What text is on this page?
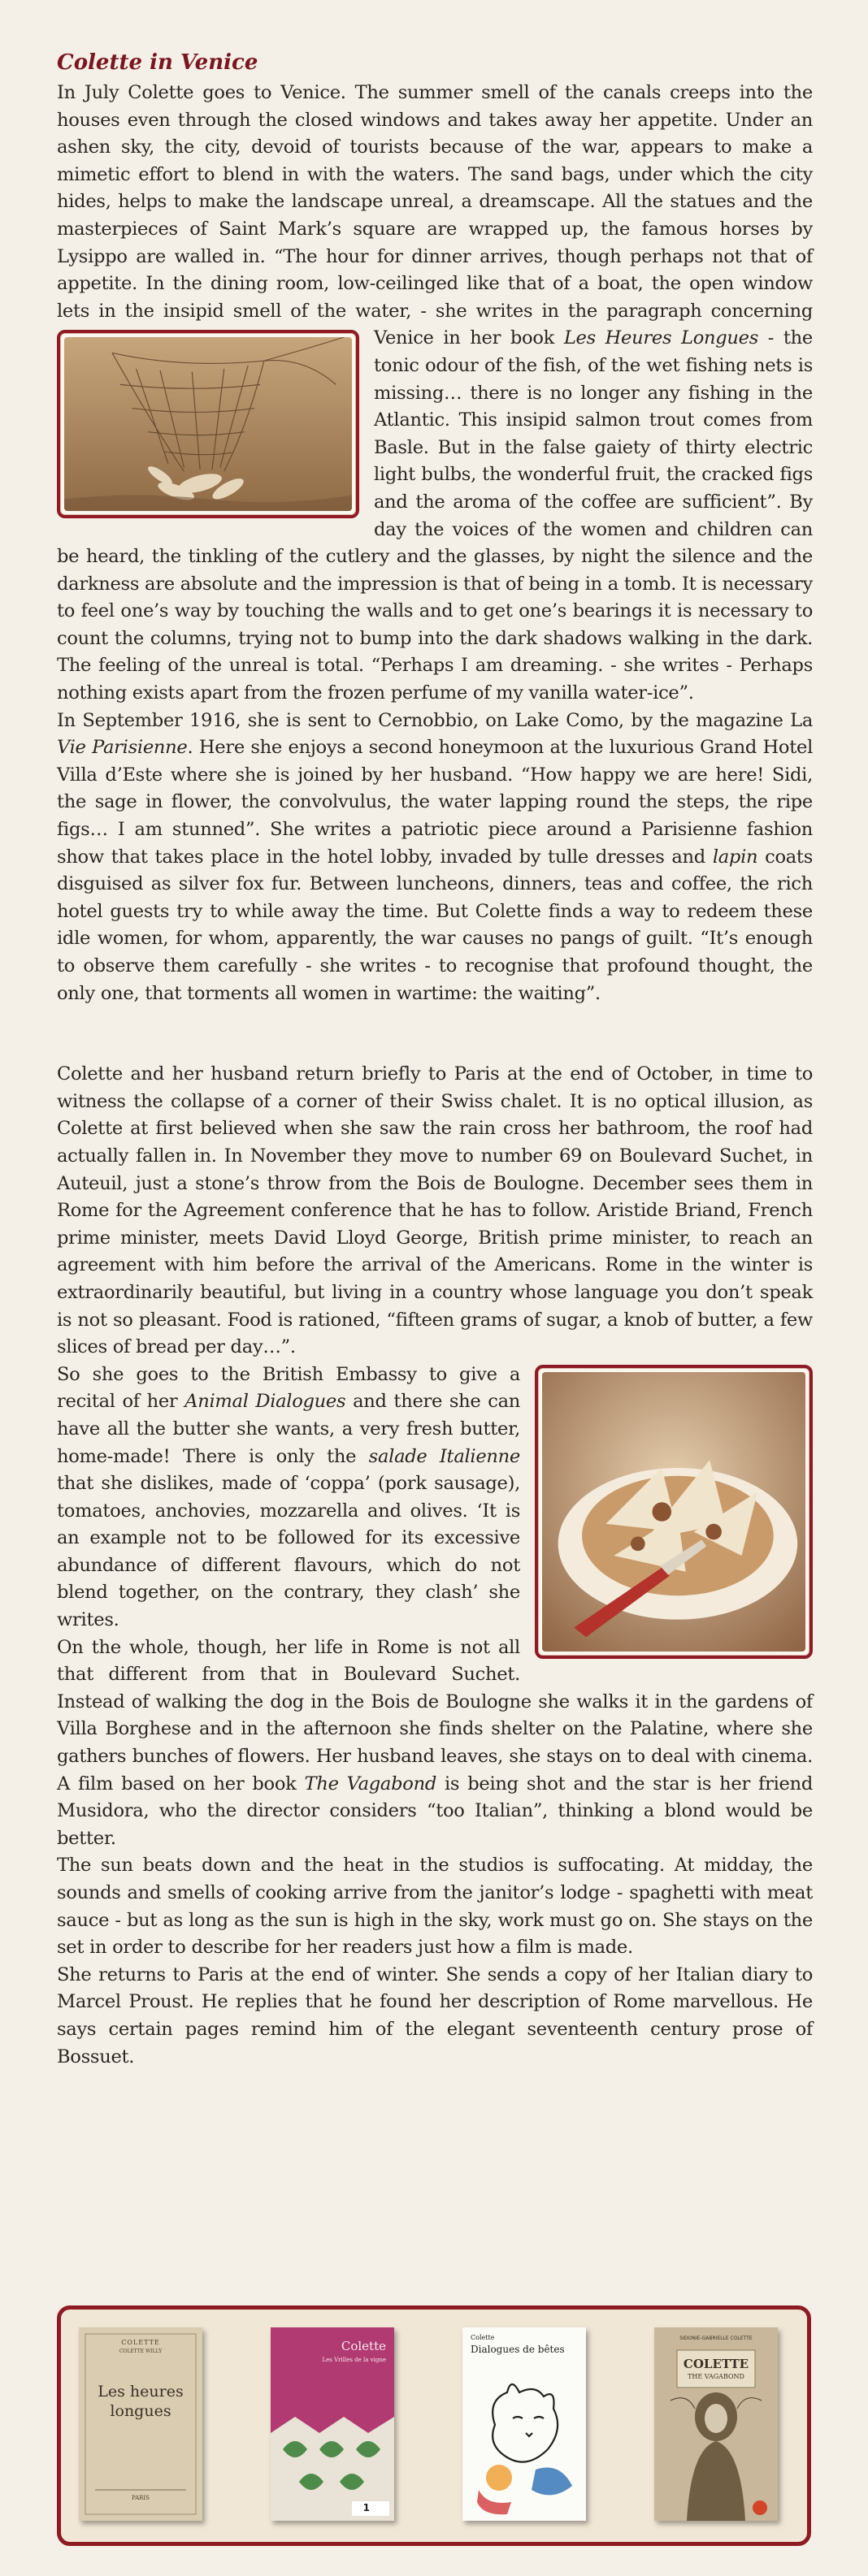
Colette in Venice

In July Colette goes to Venice. The summer smell of the canals creeps into the houses even through the closed windows and takes away her appetite. Under an ashen sky, the city, devoid of tourists because of the war, appears to make a mimetic effort to blend in with the waters. The sand bags, under which the city hides, helps to make the landscape unreal, a dreamscape. All the statues and the masterpieces of Saint Mark’s square are wrapped up, the famous horses by Lysippo are walled in. “The hour for dinner arrives, though perhaps not that of appetite. In the dining room, low-ceilinged like that of a boat, the open window lets in the insipid smell of the water, - she writes in the paragraph concerning Venice in her book Les Heures Longues
- the tonic odour of the fish, of the wet fishing nets is missing… there is no longer any fishing in the Atlantic. This insipid salmon trout comes from Basle. But in the false gaiety of thirty electric light bulbs, the wonderful fruit, the cracked figs and the aroma of the coffee are sufficient”. By day the voices of the women and children can be heard, the tinkling of the cutlery and the glasses, by night the silence and the darkness are absolute and the impression is that of being in a tomb. It is necessary to feel one’s way by touching the walls and to get one’s bearings it is necessary to count the columns, trying not to bump into the dark shadows walking in the dark. The feeling of the unreal is total. “Perhaps I am dreaming. - she writes - Perhaps nothing exists apart from the frozen perfume of my vanilla water-ice”.

In September 1916, she is sent to Cernobbio, on Lake Como, by the magazine La Vie Parisienne. Here she enjoys a second honeymoon at the luxurious Grand Hotel Villa d’Este where she is joined by her husband. “How happy we are here! Sidi, the sage in flower, the convolvulus, the water lapping round the steps, the ripe figs… I am stunned”. She writes a patriotic piece around a Parisienne fashion show that takes place in the hotel lobby, invaded by tulle dresses and lapin coats disguised as silver fox fur. Between luncheons, dinners, teas and coffee, the rich hotel guests try to while away the time. But Colette finds a way to redeem these idle women, for whom, apparently, the war causes no pangs of guilt. “It’s enough to observe them carefully - she writes - to recognise that profound thought, the only one, that torments all women in wartime: the waiting”.

Colette and her husband return briefly to Paris at the end of October, in time to witness the collapse of a corner of their Swiss chalet. It is no optical illusion, as Colette at first believed when she saw the rain cross her bathroom, the roof had actually fallen in. In November they move to number 69 on Boulevard Suchet, in Auteuil, just a stone’s throw from the Bois de Boulogne. December sees them in Rome for the Agreement conference that he has to follow. Aristide Briand, French prime minister, meets David Lloyd George, British prime minister, to reach an agreement with him before the arrival of the Americans. Rome in the winter is extraordinarily beautiful, but living in a country whose language you don’t speak is not so pleasant. Food is rationed, “fifteen grams of sugar, a knob of butter, a few slices of bread per day…”.

So she goes to the British Embassy to give a recital of her Animal Dialogues and there she can have all the butter she wants, a very fresh butter, home-made! There is only the salade Italienne that she dislikes, made of ‘coppa’ (pork sausage), tomatoes, anchovies, mozzarella and olives. ‘It is an example not to be followed for its excessive abundance of different flavours, which do not blend together, on the contrary, they clash’ she writes.

On the whole, though, her life in Rome is not all that different from that in Boulevard Suchet. Instead of walking the dog in the Bois de Boulogne she walks it in the gardens of Villa Borghese and in the afternoon she finds shelter on the Palatine, where she gathers bunches of flowers. Her husband leaves, she stays on to deal with cinema. A film based on her book The Vagabond is being shot and the star is her friend Musidora, who the director considers “too Italian”, thinking a blond would be better.

The sun beats down and the heat in the studios is suffocating. At midday, the sounds and smells of cooking arrive from the janitor’s lodge - spaghetti with meat sauce - but as long as the sun is high in the sky, work must go on. She stays on the set in order to describe for her readers just how a film is made.

She returns to Paris at the end of winter. She sends a copy of her Italian diary to Marcel Proust. He replies that he found her description of Rome marvellous. He says certain pages remind him of the elegant seventeenth century prose of Bossuet.

COLETTE
COLETTE WILLY
Les heures
longues
PARIS
Colette
Les Vrilles de la vigne
1
Colette
Dialogues de bêtes
SIDONIE-GABRIELLE COLETTE
COLETTE
THE VAGABOND
